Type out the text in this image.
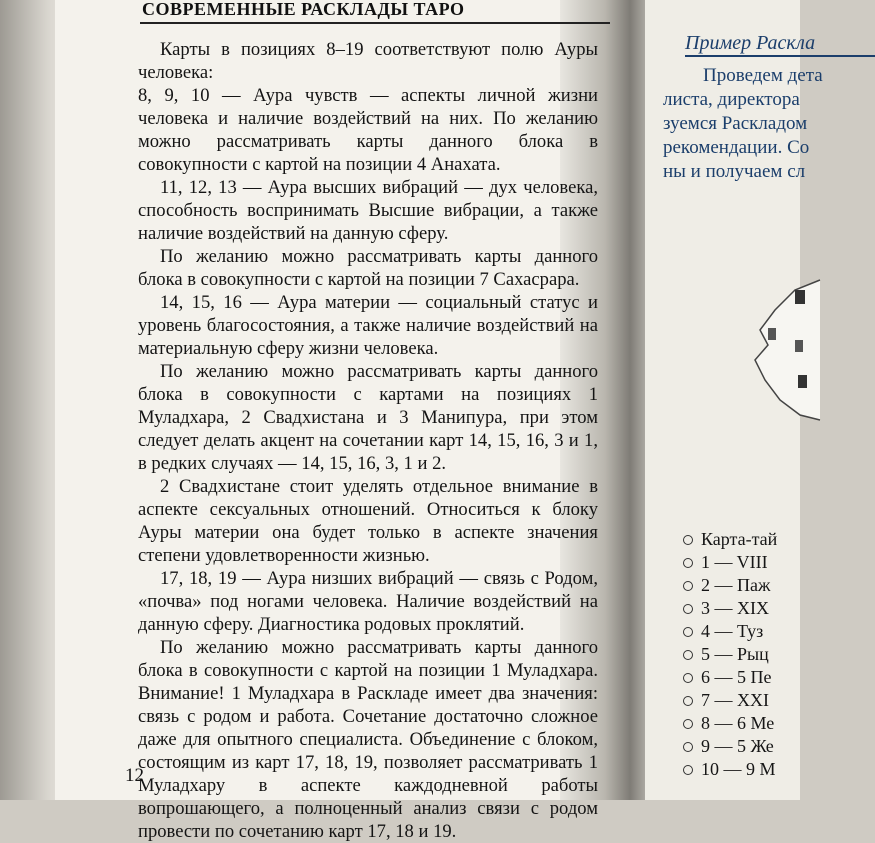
Пример Раскла
Проведем дета
листа, директора
зуемся Раскладом
рекомендации. Со
ны и получаем сл
Карта-тай
1 — VIII
2 — Паж
3 — XIX
4 — Туз
5 — Рыц
6 — 5 Пе
7 — XXI
8 — 6 Ме
9 — 5 Же
10 — 9 М
СОВРЕМЕННЫЕ РАСКЛАДЫ ТАРО

Карты в позициях 8–19 соответствуют полю Ауры человека:

8, 9, 10 — Аура чувств — аспекты личной жизни человека и наличие воздействий на них. По желанию можно рассматривать карты данного блока в совокупности с картой на позиции 4 Анахата.

11, 12, 13 — Аура высших вибраций — дух человека, способность воспринимать Высшие вибрации, а также наличие воздействий на данную сферу.

По желанию можно рассматривать карты данного блока в совокупности с картой на позиции 7 Сахасрара.

14, 15, 16 — Аура материи — социальный статус и уровень благосостояния, а также наличие воздействий на материальную сферу жизни человека.

По желанию можно рассматривать карты данного блока в совокупности с картами на позициях 1 Муладхара, 2 Свадхистана и 3 Манипура, при этом следует делать акцент на сочетании карт 14, 15, 16, 3 и 1, в редких случаях — 14, 15, 16, 3, 1 и 2.

2 Свадхистане стоит уделять отдельное внимание в аспекте сексуальных отношений. Относиться к блоку Ауры материи она будет только в аспекте значения степени удовлетворенности жизнью.

17, 18, 19 — Аура низших вибраций — связь с Родом, «почва» под ногами человека. Наличие воздействий на данную сферу. Диагностика родовых проклятий.

По желанию можно рассматривать карты данного блока в совокупности с картой на позиции 1 Муладхара. Внимание! 1 Муладхара в Раскладе имеет два значения: связь с родом и работа. Сочетание достаточно сложное даже для опытного специалиста. Объединение с блоком, состоящим из карт 17, 18, 19, позволяет рассматривать 1 Муладхару в аспекте каждодневной работы вопрошающего, а полноценный анализ связи с родом провести по сочетанию карт 17, 18 и 19.

12
